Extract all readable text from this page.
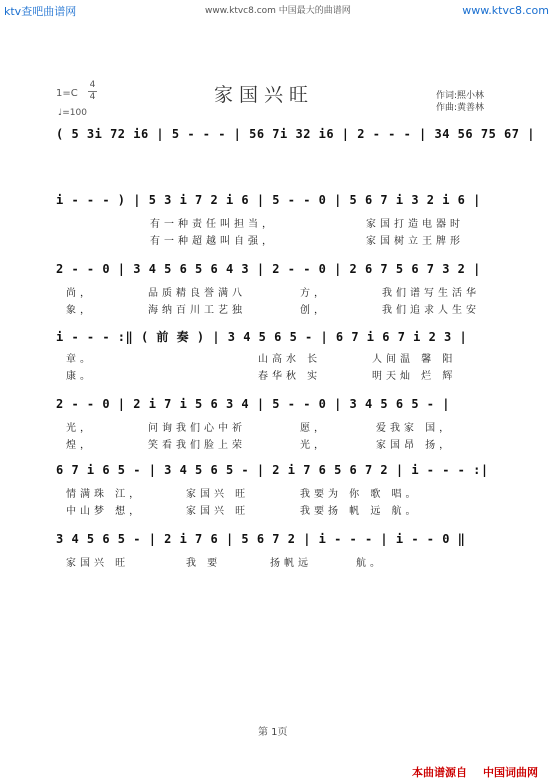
ktv查吧曲谱网	www.ktvc8.com 中国最大的曲谱网	www.ktvc8.com
1=C
4
4
♩=100
家国兴旺	作词:熙小林
作曲:黄善林
( 5 3i 72 i6 | 5 - - - | 56 7i 32 i6 | 2 - - - | 34 56 75 67 |
i - - - ) | 5 3 i 7 2 i 6 | 5 - - 0 | 5 6 7 i 3 2 i 6 |
有一种责任叫担当，
有一种超越叫自强，
家国打造电器时
家国树立王牌形
2 - - 0 | 3 4 5 6 5 6 4 3 | 2 - - 0 | 2 6 7 5 6 7 3 2 |
尚，
象，
品质精良誉满八
海纳百川工艺独
方，
创，
我们谱写生活华
我们追求人生安
i - - - :‖ ( 前 奏 ) | 3 4 5 6 5 - | 6 7 i 6 7 i 2 3 |
章。
康。
山高水 长
春华秋 实
人间温 馨 阳
明天灿 烂 辉
2 - - 0 | 2 i 7 i 5 6 3 4 | 5 - - 0 | 3 4 5 6 5 - |
光，
煌，
问询我们心中祈
笑看我们脸上荣
愿，
光，
爱我家 国，
家国昂 扬，
6 7 i 6 5 - | 3 4 5 6 5 - | 2 i 7 6 5 6 7 2 | i - - - :|
情满珠 江，
中山梦 想，
家国兴 旺
家国兴 旺
我要为 你 歌 唱。
我要扬 帆 远 航。
3 4 5 6 5 - | 2 i 7 6 | 5 6 7 2 | i - - - | i - - 0 ‖
家国兴 旺	我 要	扬帆远	航。
第 1页
本曲谱源自 中国词曲网
